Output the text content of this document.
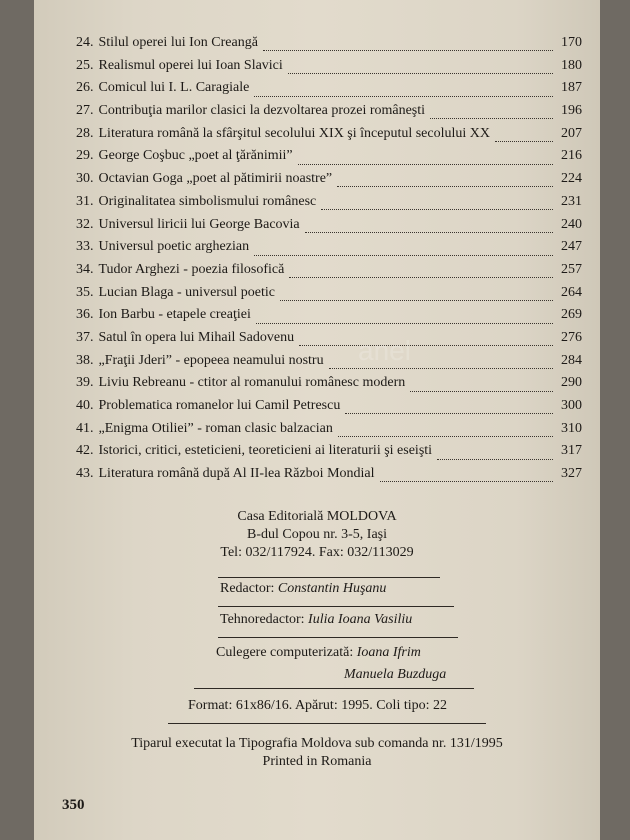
24. Stilul operei lui Ion Creangă	170
25. Realismul operei lui Ioan Slavici	180
26. Comicul lui I. L. Caragiale	187
27. Contribuţia marilor clasici la dezvoltarea prozei româneşti	196
28. Literatura română la sfârşitul secolului XIX şi începutul secolului XX	207
29. George Coşbuc „poet al ţărănimii”	216
30. Octavian Goga „poet al pătimirii noastre”	224
31. Originalitatea simbolismului românesc	231
32. Universul liricii lui George Bacovia	240
33. Universul poetic arghezian	247
34. Tudor Arghezi - poezia filosofică	257
35. Lucian Blaga - universul poetic	264
36. Ion Barbu - etapele creaţiei	269
37. Satul în opera lui Mihail Sadovenu	276
38. „Fraţii Jderi” - epopeea neamului nostru	284
39. Liviu Rebreanu - ctitor al romanului românesc modern	290
40. Problematica romanelor lui Camil Petrescu	300
41. „Enigma Otiliei” - roman clasic balzacian	310
42. Istorici, critici, esteticieni, teoreticieni ai literaturii şi eseişti	317
43. Literatura română după Al II-lea Război Mondial	327
Casa Editorială MOLDOVA
B-dul Copou nr. 3-5, Iaşi
Tel: 032/117924. Fax: 032/113029
Redactor: Constantin Huşanu
Tehnoredactor: Iulia Ioana Vasiliu
Culegere computerizată: Ioana Ifrim
Manuela Buzduga
Format: 61x86/16. Apărut: 1995. Coli tipo: 22
Tiparul executat la Tipografia Moldova sub comanda nr. 131/1995
Printed in Romania
350
anel
